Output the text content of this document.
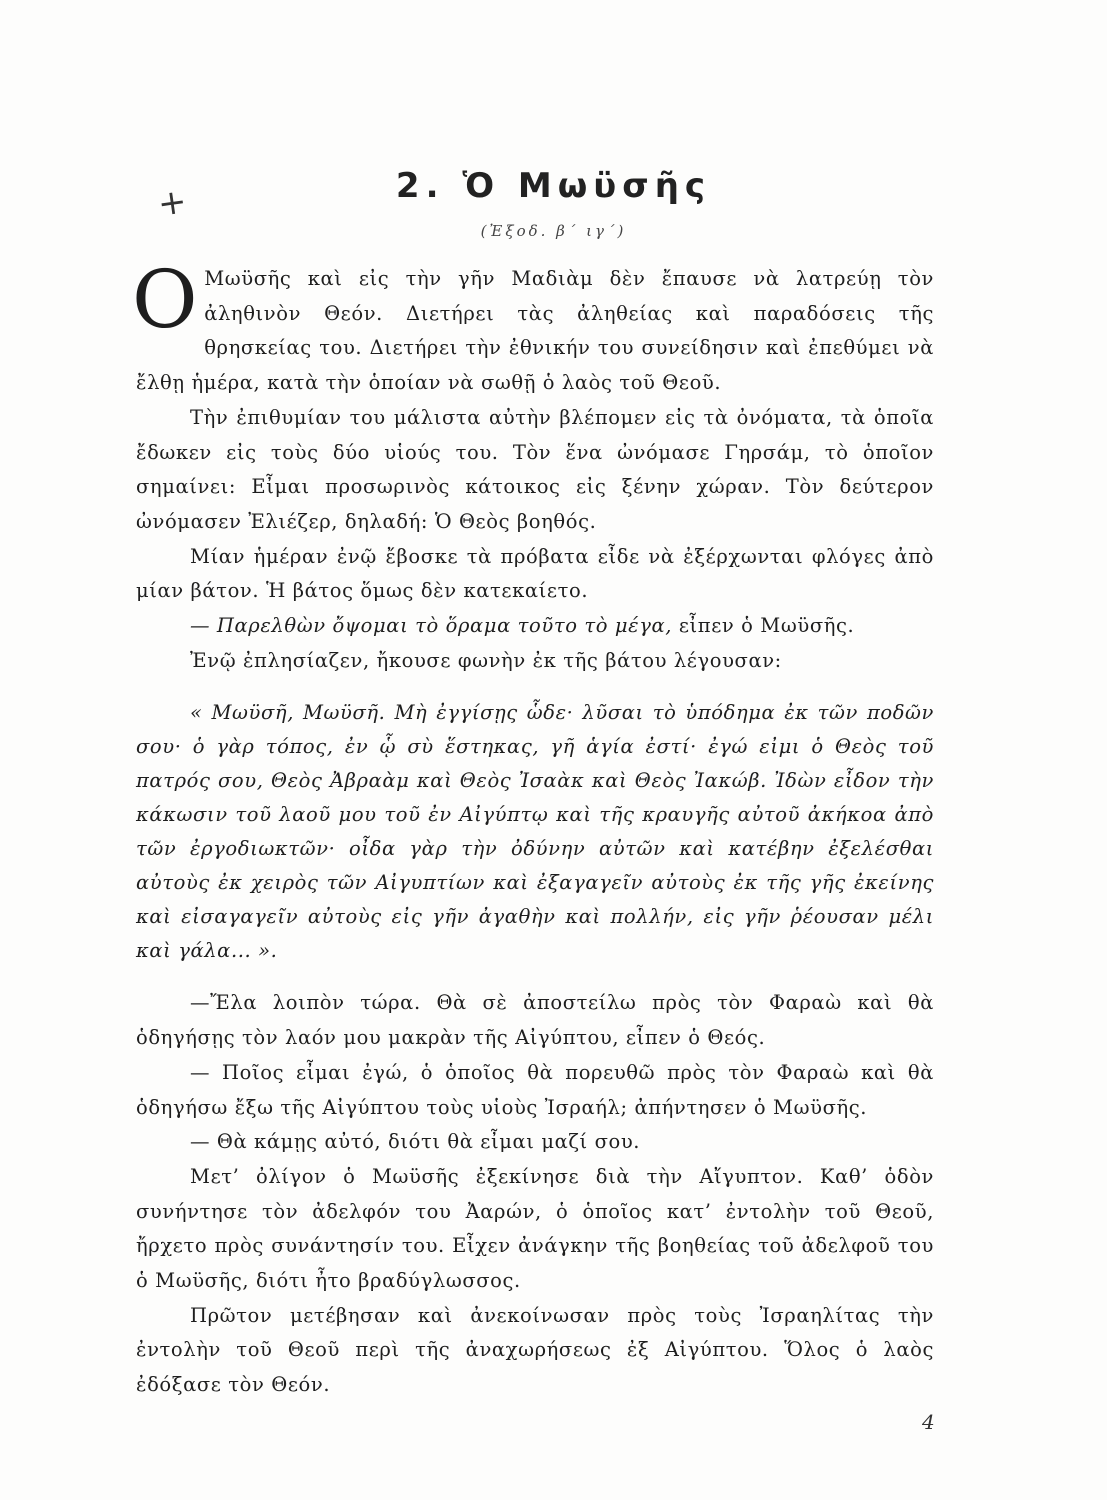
+	2. Ὁ Μωϋσῆς
(Ἐξοδ. β΄ ιγ΄)

Ο Μωϋσῆς καὶ εἰς τὴν γῆν Μαδιὰμ δὲν ἔπαυσε νὰ λατρεύῃ τὸν ἀληθινὸν Θεόν. Διετήρει τὰς ἀληθείας καὶ παραδόσεις τῆς θρησκείας του. Διετήρει τὴν ἐθνικήν του συνείδησιν καὶ ἐπεθύμει νὰ ἔλθῃ ἡμέρα, κατὰ τὴν ὁποίαν νὰ σωθῇ ὁ λαὸς τοῦ Θεοῦ.

Τὴν ἐπιθυμίαν του μάλιστα αὐτὴν βλέπομεν εἰς τὰ ὀνόματα, τὰ ὁποῖα ἔδωκεν εἰς τοὺς δύο υἱούς του. Τὸν ἕνα ὠνόμασε Γηρσάμ, τὸ ὁποῖον σημαίνει: Εἶμαι προσωρινὸς κάτοικος εἰς ξένην χώραν. Τὸν δεύτερον ὠνόμασεν Ἐλιέζερ, δηλαδή: Ὁ Θεὸς βοηθός.

Μίαν ἡμέραν ἐνῷ ἔβοσκε τὰ πρόβατα εἶδε νὰ ἐξέρχωνται φλόγες ἀπὸ μίαν βάτον. Ἡ βάτος ὅμως δὲν κατεκαίετο.

— Παρελθὼν ὄψομαι τὸ ὅραμα τοῦτο τὸ μέγα, εἶπεν ὁ Μωϋσῆς.

Ἐνῷ ἐπλησίαζεν, ἤκουσε φωνὴν ἐκ τῆς βάτου λέγουσαν:

« Μωϋσῆ, Μωϋσῆ. Μὴ ἐγγίσῃς ὧδε· λῦσαι τὸ ὑπόδημα ἐκ τῶν ποδῶν σου· ὁ γὰρ τόπος, ἐν ᾧ σὺ ἕστηκας, γῆ ἁγία ἐστί· ἐγώ εἰμι ὁ Θεὸς τοῦ πατρός σου, Θεὸς Ἀβραὰμ καὶ Θεὸς Ἰσαὰκ καὶ Θεὸς Ἰακώβ. Ἰδὼν εἶδον τὴν κάκωσιν τοῦ λαοῦ μου τοῦ ἐν Αἰγύπτῳ καὶ τῆς κραυγῆς αὐτοῦ ἀκήκοα ἀπὸ τῶν ἐργοδιωκτῶν· οἶδα γὰρ τὴν ὀδύνην αὐτῶν καὶ κατέβην ἐξελέσθαι αὐτοὺς ἐκ χειρὸς τῶν Αἰγυπτίων καὶ ἐξαγαγεῖν αὐτοὺς ἐκ τῆς γῆς ἐκείνης καὶ εἰσαγαγεῖν αὐτοὺς εἰς γῆν ἀγαθὴν καὶ πολλήν, εἰς γῆν ῥέουσαν μέλι καὶ γάλα... ».

—Ἔλα λοιπὸν τώρα. Θὰ σὲ ἀποστείλω πρὸς τὸν Φαραὼ καὶ θὰ ὁδηγήσῃς τὸν λαόν μου μακρὰν τῆς Αἰγύπτου, εἶπεν ὁ Θεός.

— Ποῖος εἶμαι ἐγώ, ὁ ὁποῖος θὰ πορευθῶ πρὸς τὸν Φαραὼ καὶ θὰ ὁδηγήσω ἔξω τῆς Αἰγύπτου τοὺς υἱοὺς Ἰσραήλ; ἀπήντησεν ὁ Μωϋσῆς.

— Θὰ κάμῃς αὐτό, διότι θὰ εἶμαι μαζί σου.

Μετ’ ὀλίγον ὁ Μωϋσῆς ἐξεκίνησε διὰ τὴν Αἴγυπτον. Καθ’ ὁδὸν συνήντησε τὸν ἀδελφόν του Ἀαρών, ὁ ὁποῖος κατ’ ἐντολὴν τοῦ Θεοῦ, ἤρχετο πρὸς συνάντησίν του. Εἶχεν ἀνάγκην τῆς βοηθείας τοῦ ἀδελφοῦ του ὁ Μωϋσῆς, διότι ἦτο βραδύγλωσσος.

Πρῶτον μετέβησαν καὶ ἀνεκοίνωσαν πρὸς τοὺς Ἰσραηλίτας τὴν ἐντολὴν τοῦ Θεοῦ περὶ τῆς ἀναχωρήσεως ἐξ Αἰγύπτου. Ὅλος ὁ λαὸς ἐδόξασε τὸν Θεόν.

4
